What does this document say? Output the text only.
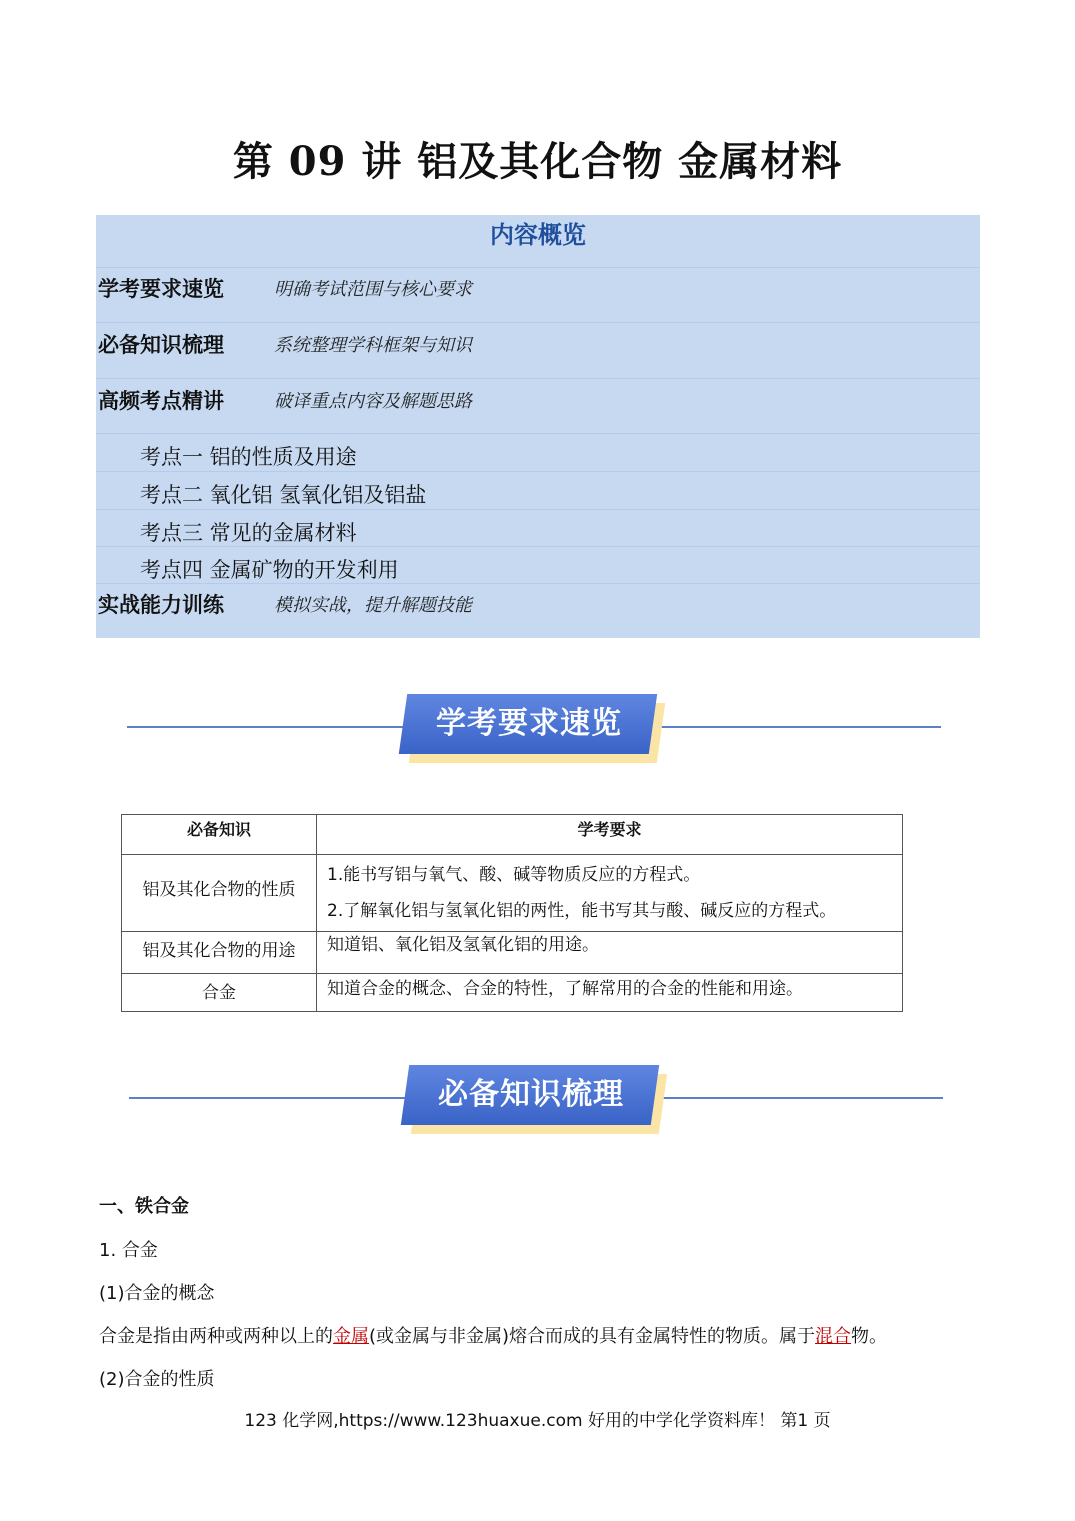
第 09 讲 铝及其化合物 金属材料
内容概览
学考要求速览	明确考试范围与核心要求
必备知识梳理	系统整理学科框架与知识
高频考点精讲	破译重点内容及解题思路
考点一 铝的性质及用途
考点二 氧化铝 氢氧化铝及铝盐
考点三 常见的金属材料
考点四 金属矿物的开发利用
实战能力训练	模拟实战，提升解题技能
学考要求速览
必备知识	学考要求
铝及其化合物的性质	1.能书写铝与氧气、酸、碱等物质反应的方程式。

2.了解氧化铝与氢氧化铝的两性，能书写其与酸、碱反应的方程式。

铝及其化合物的用途	知道铝、氧化铝及氢氧化铝的用途。

合金	知道合金的概念、合金的特性，了解常用的合金的性能和用途。

必备知识梳理
一、铁合金
1. 合金
(1)合金的概念
合金是指由两种或两种以上的金属(或金属与非金属)熔合而成的具有金属特性的物质。属于混合物。
(2)合金的性质
123 化学网,https://www.123huaxue.com 好用的中学化学资料库！ 第1 页
